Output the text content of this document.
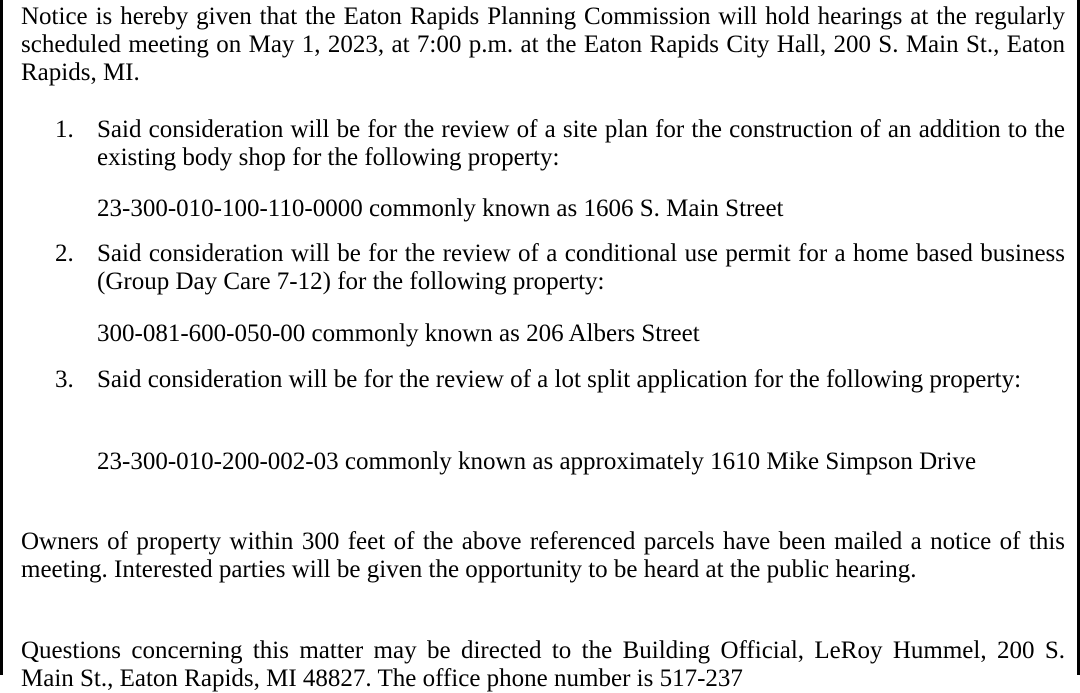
Notice is hereby given that the Eaton Rapids Planning Commission will hold hearings at the regularly scheduled meeting on May 1, 2023, at 7:00 p.m. at the Eaton Rapids City Hall, 200 S. Main St., Eaton Rapids, MI.

1. Said consideration will be for the review of a site plan for the construction of an addition to the existing body shop for the following property:
23-300-010-100-110-0000 commonly known as 1606 S. Main Street
2. Said consideration will be for the review of a conditional use permit for a home based business (Group Day Care 7-12) for the following property:
300-081-600-050-00 commonly known as 206 Albers Street
3. Said consideration will be for the review of a lot split application for the following property:
23-300-010-200-002-03 commonly known as approximately 1610 Mike Simpson Drive

Owners of property within 300 feet of the above referenced parcels have been mailed a notice of this meeting. Interested parties will be given the opportunity to be heard at the public hearing.

Questions concerning this matter may be directed to the Building Official, LeRoy Hummel, 200 S. Main St., Eaton Rapids, MI 48827. The office phone number is 517-237
